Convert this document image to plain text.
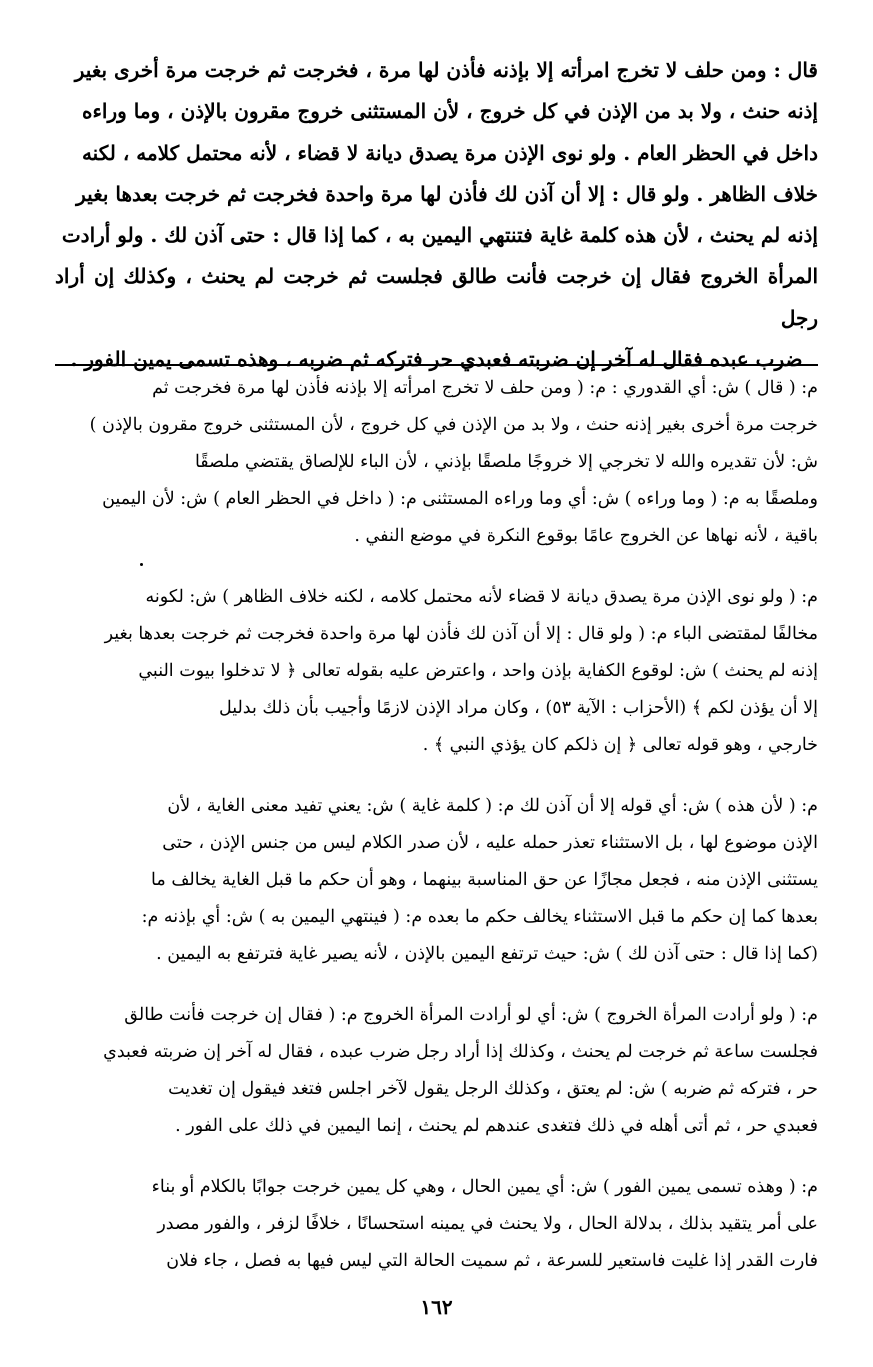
قال : ومن حلف لا تخرج امرأته إلا بإذنه فأذن لها مرة ، فخرجت ثم خرجت مرة أخرى بغير

إذنه حنث ، ولا بد من الإذن في كل خروج ، لأن المستثنى خروج مقرون بالإذن ، وما وراءه

داخل في الحظر العام . ولو نوى الإذن مرة يصدق ديانة لا قضاء ، لأنه محتمل كلامه ، لكنه

خلاف الظاهر . ولو قال : إلا أن آذن لك فأذن لها مرة واحدة فخرجت ثم خرجت بعدها بغير

إذنه لم يحنث ، لأن هذه كلمة غاية فتنتهي اليمين به ، كما إذا قال : حتى آذن لك . ولو أرادت

المرأة الخروج فقال إن خرجت فأنت طالق فجلست ثم خرجت لم يحنث ، وكذلك إن أراد رجل

ضرب عبده فقال له آخر إن ضربته فعبدي حر فتركه ثم ضربه ، وهذه تسمى يمين الفور .

م: ( قال ) ش: أي القدوري : م: ( ومن حلف لا تخرج امرأته إلا بإذنه فأذن لها مرة فخرجت ثم

خرجت مرة أخرى بغير إذنه حنث ، ولا بد من الإذن في كل خروج ، لأن المستثنى خروج مقرون بالإذن )

ش: لأن تقديره والله لا تخرجي إلا خروجًا ملصقًا بإذني ، لأن الباء للإلصاق يقتضي ملصقًا

وملصقًا به م: ( وما وراءه ) ش: أي وما وراءه المستثنى م: ( داخل في الحظر العام ) ش: لأن اليمين

باقية ، لأنه نهاها عن الخروج عامًا بوقوع النكرة في موضع النفي .

م: ( ولو نوى الإذن مرة يصدق ديانة لا قضاء لأنه محتمل كلامه ، لكنه خلاف الظاهر ) ش: لكونه

مخالفًا لمقتضى الباء م: ( ولو قال : إلا أن آذن لك فأذن لها مرة واحدة فخرجت ثم خرجت بعدها بغير

إذنه لم يحنث ) ش: لوقوع الكفاية بإذن واحد ، واعترض عليه بقوله تعالى ﴿ لا تدخلوا بيوت النبي

إلا أن يؤذن لكم ﴾ (الأحزاب : الآية ٥٣) ، وكان مراد الإذن لازمًا وأجيب بأن ذلك بدليل

خارجي ، وهو قوله تعالى ﴿ إن ذلكم كان يؤذي النبي ﴾ .

م: ( لأن هذه ) ش: أي قوله إلا أن آذن لك م: ( كلمة غاية ) ش: يعني تفيد معنى الغاية ، لأن

الإذن موضوع لها ، بل الاستثناء تعذر حمله عليه ، لأن صدر الكلام ليس من جنس الإذن ، حتى

يستثنى الإذن منه ، فجعل مجازًا عن حق المناسبة بينهما ، وهو أن حكم ما قبل الغاية يخالف ما

بعدها كما إن حكم ما قبل الاستثناء يخالف حكم ما بعده م: ( فينتهي اليمين به ) ش: أي بإذنه م:

(كما إذا قال : حتى آذن لك ) ش: حيث ترتفع اليمين بالإذن ، لأنه يصير غاية فترتفع به اليمين .

م: ( ولو أرادت المرأة الخروج ) ش: أي لو أرادت المرأة الخروج م: ( فقال إن خرجت فأنت طالق

فجلست ساعة ثم خرجت لم يحنث ، وكذلك إذا أراد رجل ضرب عبده ، فقال له آخر إن ضربته فعبدي

حر ، فتركه ثم ضربه ) ش: لم يعتق ، وكذلك الرجل يقول لآخر اجلس فتغد فيقول إن تغديت

فعبدي حر ، ثم أتى أهله في ذلك فتغدى عندهم لم يحنث ، إنما اليمين في ذلك على الفور .

م: ( وهذه تسمى يمين الفور ) ش: أي يمين الحال ، وهي كل يمين خرجت جوابًا بالكلام أو بناء

على أمر يتقيد بذلك ، بدلالة الحال ، ولا يحنث في يمينه استحسانًا ، خلافًا لزفر ، والفور مصدر

فارت القدر إذا غليت فاستعير للسرعة ، ثم سميت الحالة التي ليس فيها به فصل ، جاء فلان

١٦٢
